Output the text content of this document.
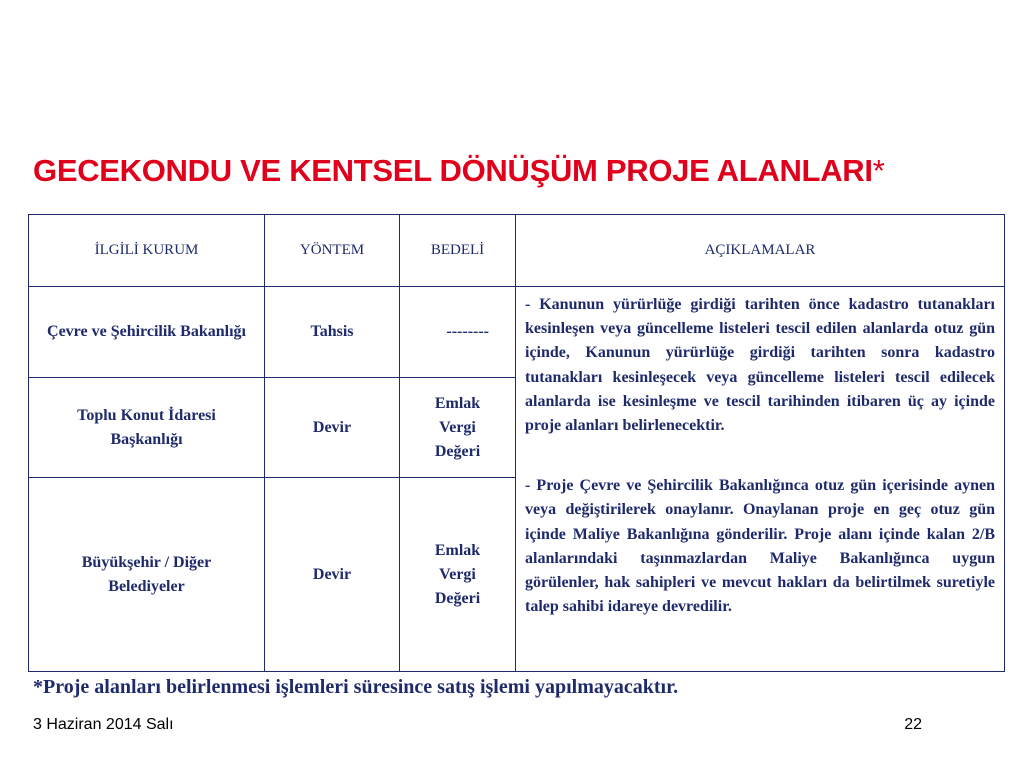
GECEKONDU VE KENTSEL DÖNÜŞÜM PROJE ALANLARI*
İLGİLİ KURUM	YÖNTEM	BEDELİ	AÇIKLAMALAR
Çevre ve Şehircilik Bakanlığı	Tahsis	--------	- Kanunun yürürlüğe girdiği tarihten önce kadastro tutanakları kesinleşen veya güncelleme listeleri tescil edilen alanlarda otuz gün içinde, Kanunun yürürlüğe girdiği tarihten sonra kadastro tutanakları kesinleşecek veya güncelleme listeleri tescil edilecek alanlarda ise kesinleşme ve tescil tarihinden itibaren üç ay içinde proje alanları belirlenecektir.

- Proje Çevre ve Şehircilik Bakanlığınca otuz gün içerisinde aynen veya değiştirilerek onaylanır. Onaylanan proje en geç otuz gün içinde Maliye Bakanlığına gönderilir. Proje alanı içinde kalan 2/B alanlarındaki taşınmazlardan Maliye Bakanlığınca uygun görülenler, hak sahipleri ve mevcut hakları da belirtilmek suretiyle talep sahibi idareye devredilir.

Toplu Konut İdaresi Başkanlığı	Devir	Emlak Vergi Değeri	
Büyükşehir / Diğer Belediyeler	Devir	Emlak Vergi Değeri	
*Proje alanları belirlenmesi işlemleri süresince satış işlemi yapılmayacaktır.
3 Haziran 2014 Salı	22
